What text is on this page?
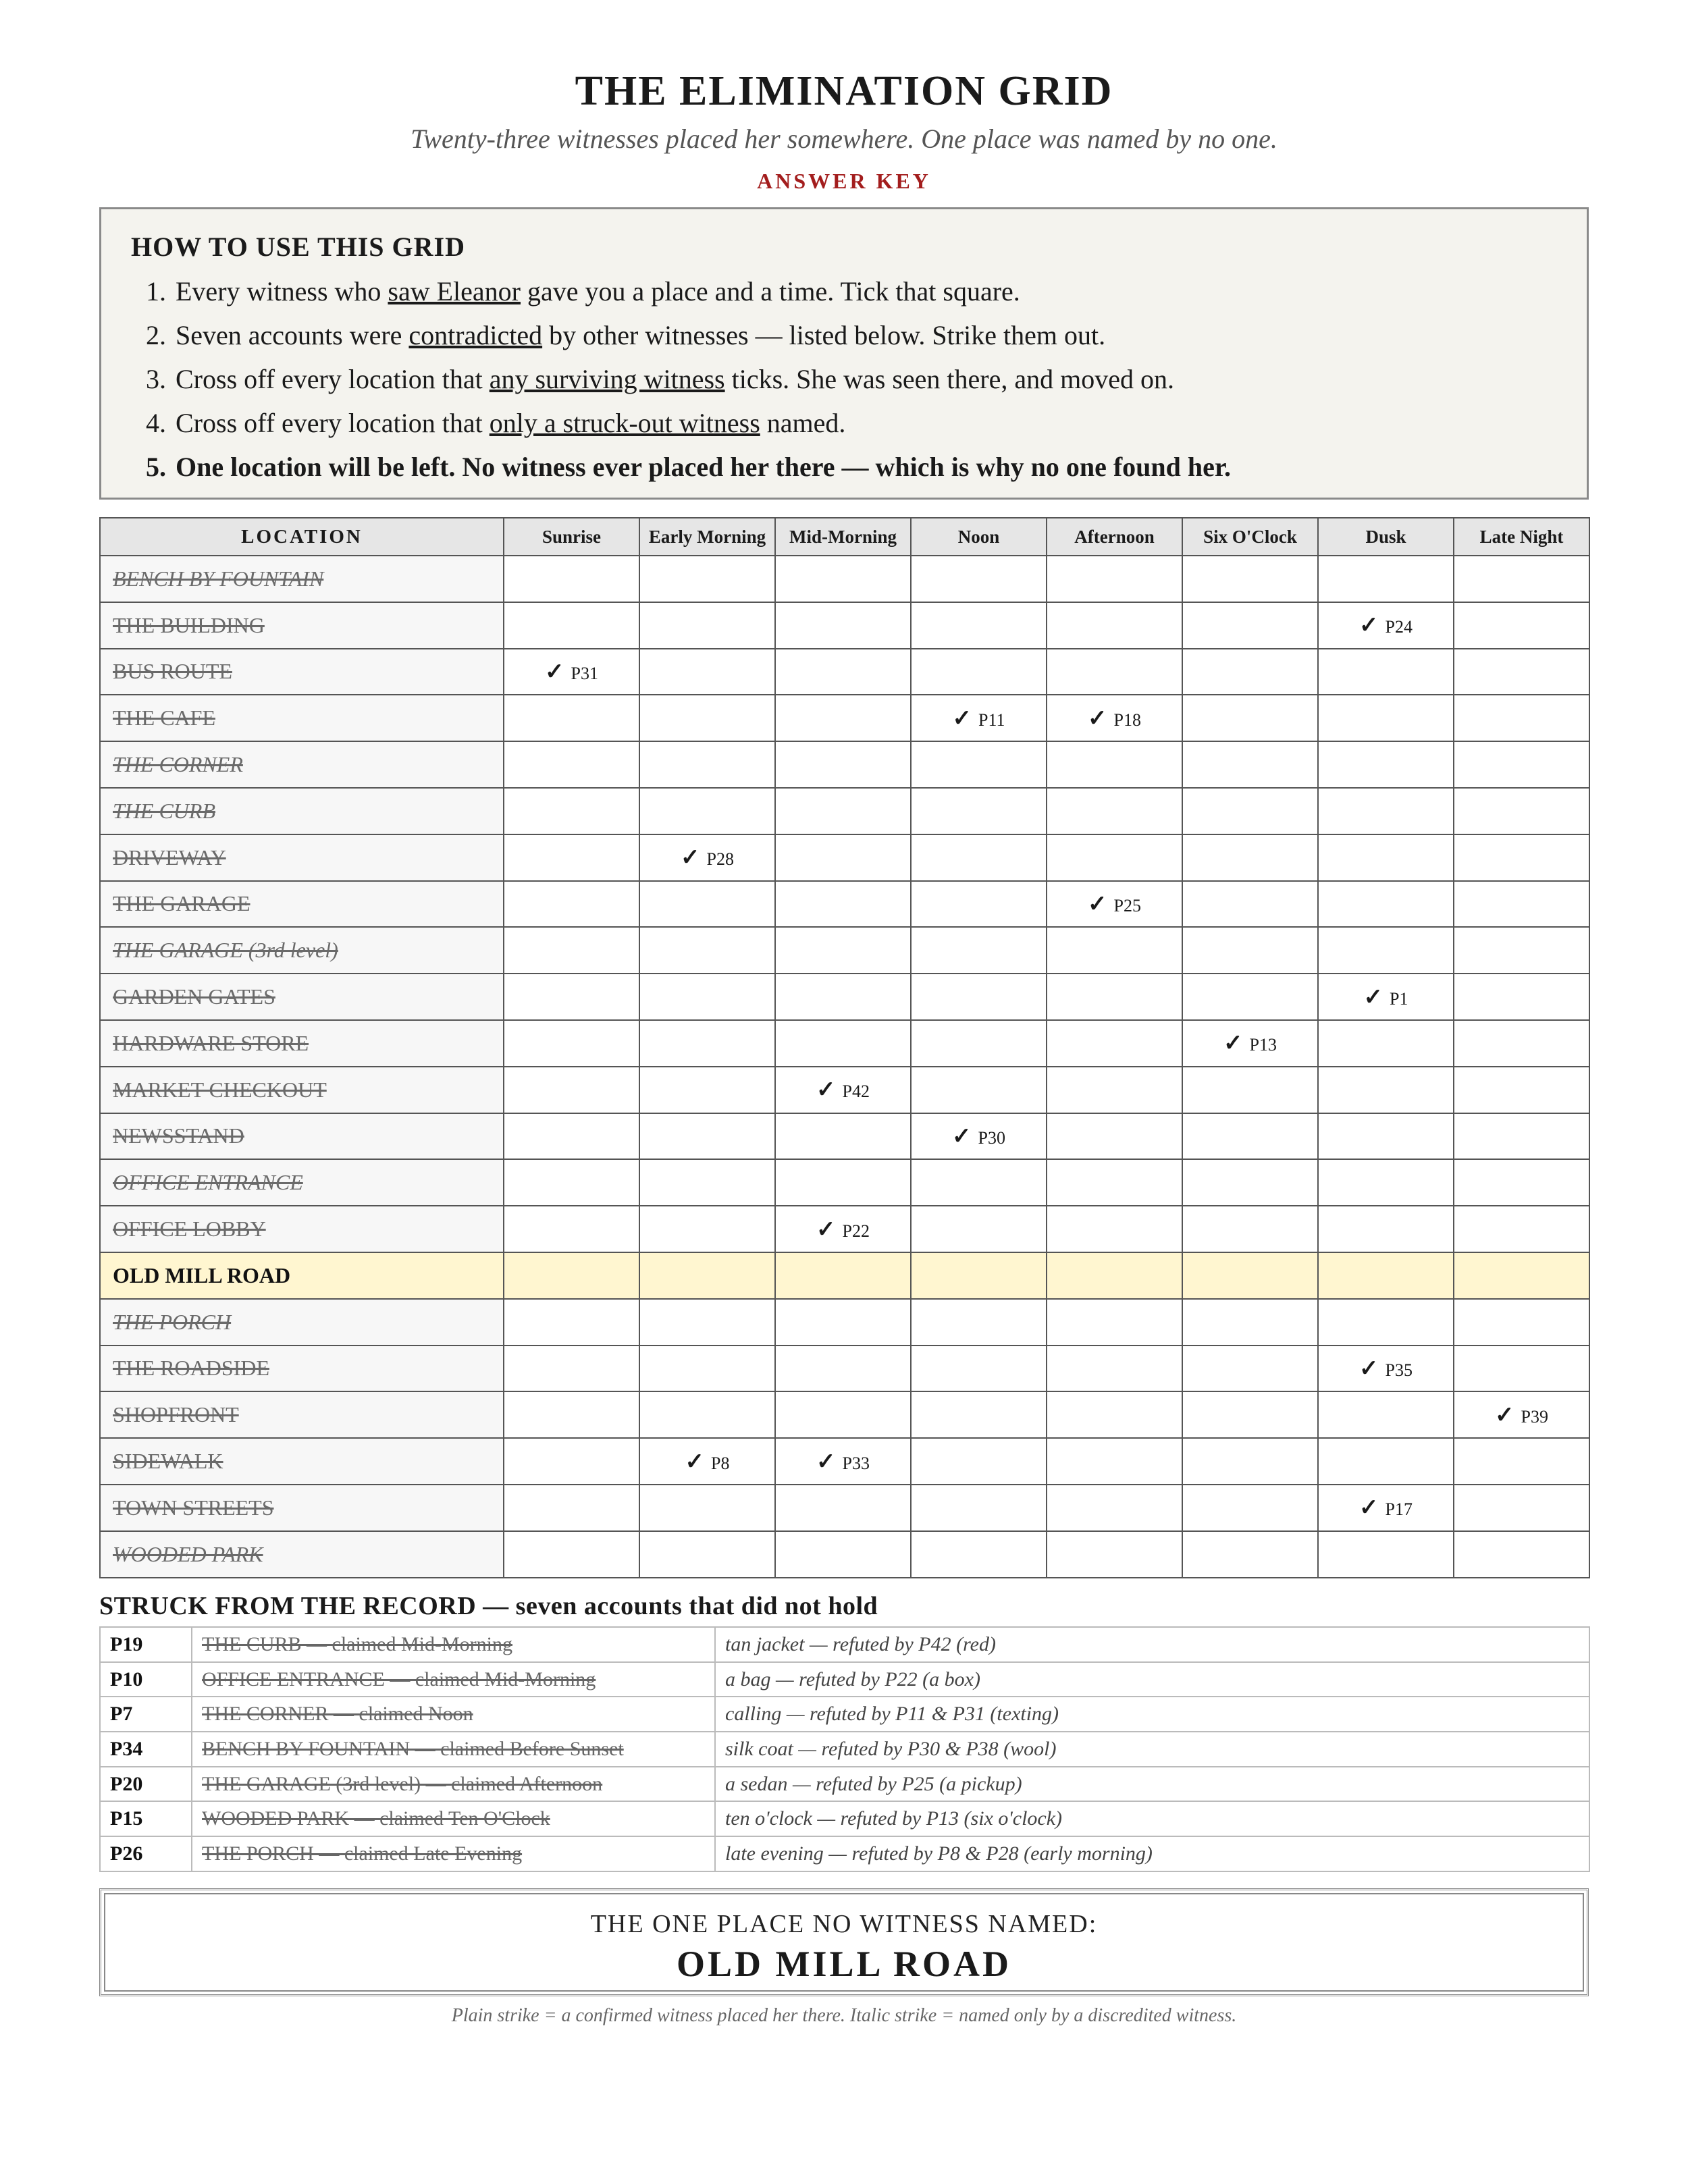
THE ELIMINATION GRID
Twenty-three witnesses placed her somewhere. One place was named by no one.
ANSWER KEY
HOW TO USE THIS GRID
1. Every witness who saw Eleanor gave you a place and a time. Tick that square.
2. Seven accounts were contradicted by other witnesses — listed below. Strike them out.
3. Cross off every location that any surviving witness ticks. She was seen there, and moved on.
4. Cross off every location that only a struck-out witness named.
5. One location will be left. No witness ever placed her there — which is why no one found her.
LOCATION	Sunrise	Early Morning	Mid-Morning	Noon	Afternoon	Six O'Clock	Dusk	Late Night
BENCH BY FOUNTAIN								
THE BUILDING							✓ P24	
BUS ROUTE	✓ P31							
THE CAFE				✓ P11	✓ P18			
THE CORNER								
THE CURB								
DRIVEWAY		✓ P28						
THE GARAGE					✓ P25			
THE GARAGE (3rd level)								
GARDEN GATES							✓ P1	
HARDWARE STORE						✓ P13		
MARKET CHECKOUT			✓ P42					
NEWSSTAND				✓ P30				
OFFICE ENTRANCE								
OFFICE LOBBY			✓ P22					
OLD MILL ROAD								
THE PORCH								
THE ROADSIDE							✓ P35	
SHOPFRONT								✓ P39
SIDEWALK		✓ P8	✓ P33					
TOWN STREETS							✓ P17	
WOODED PARK								
STRUCK FROM THE RECORD — seven accounts that did not hold
P19	THE CURB — claimed Mid-Morning	tan jacket — refuted by P42 (red)
P10	OFFICE ENTRANCE — claimed Mid-Morning	a bag — refuted by P22 (a box)
P7	THE CORNER — claimed Noon	calling — refuted by P11 & P31 (texting)
P34	BENCH BY FOUNTAIN — claimed Before Sunset	silk coat — refuted by P30 & P38 (wool)
P20	THE GARAGE (3rd level) — claimed Afternoon	a sedan — refuted by P25 (a pickup)
P15	WOODED PARK — claimed Ten O'Clock	ten o'clock — refuted by P13 (six o'clock)
P26	THE PORCH — claimed Late Evening	late evening — refuted by P8 & P28 (early morning)
THE ONE PLACE NO WITNESS NAMED:
OLD MILL ROAD
Plain strike = a confirmed witness placed her there. Italic strike = named only by a discredited witness.
